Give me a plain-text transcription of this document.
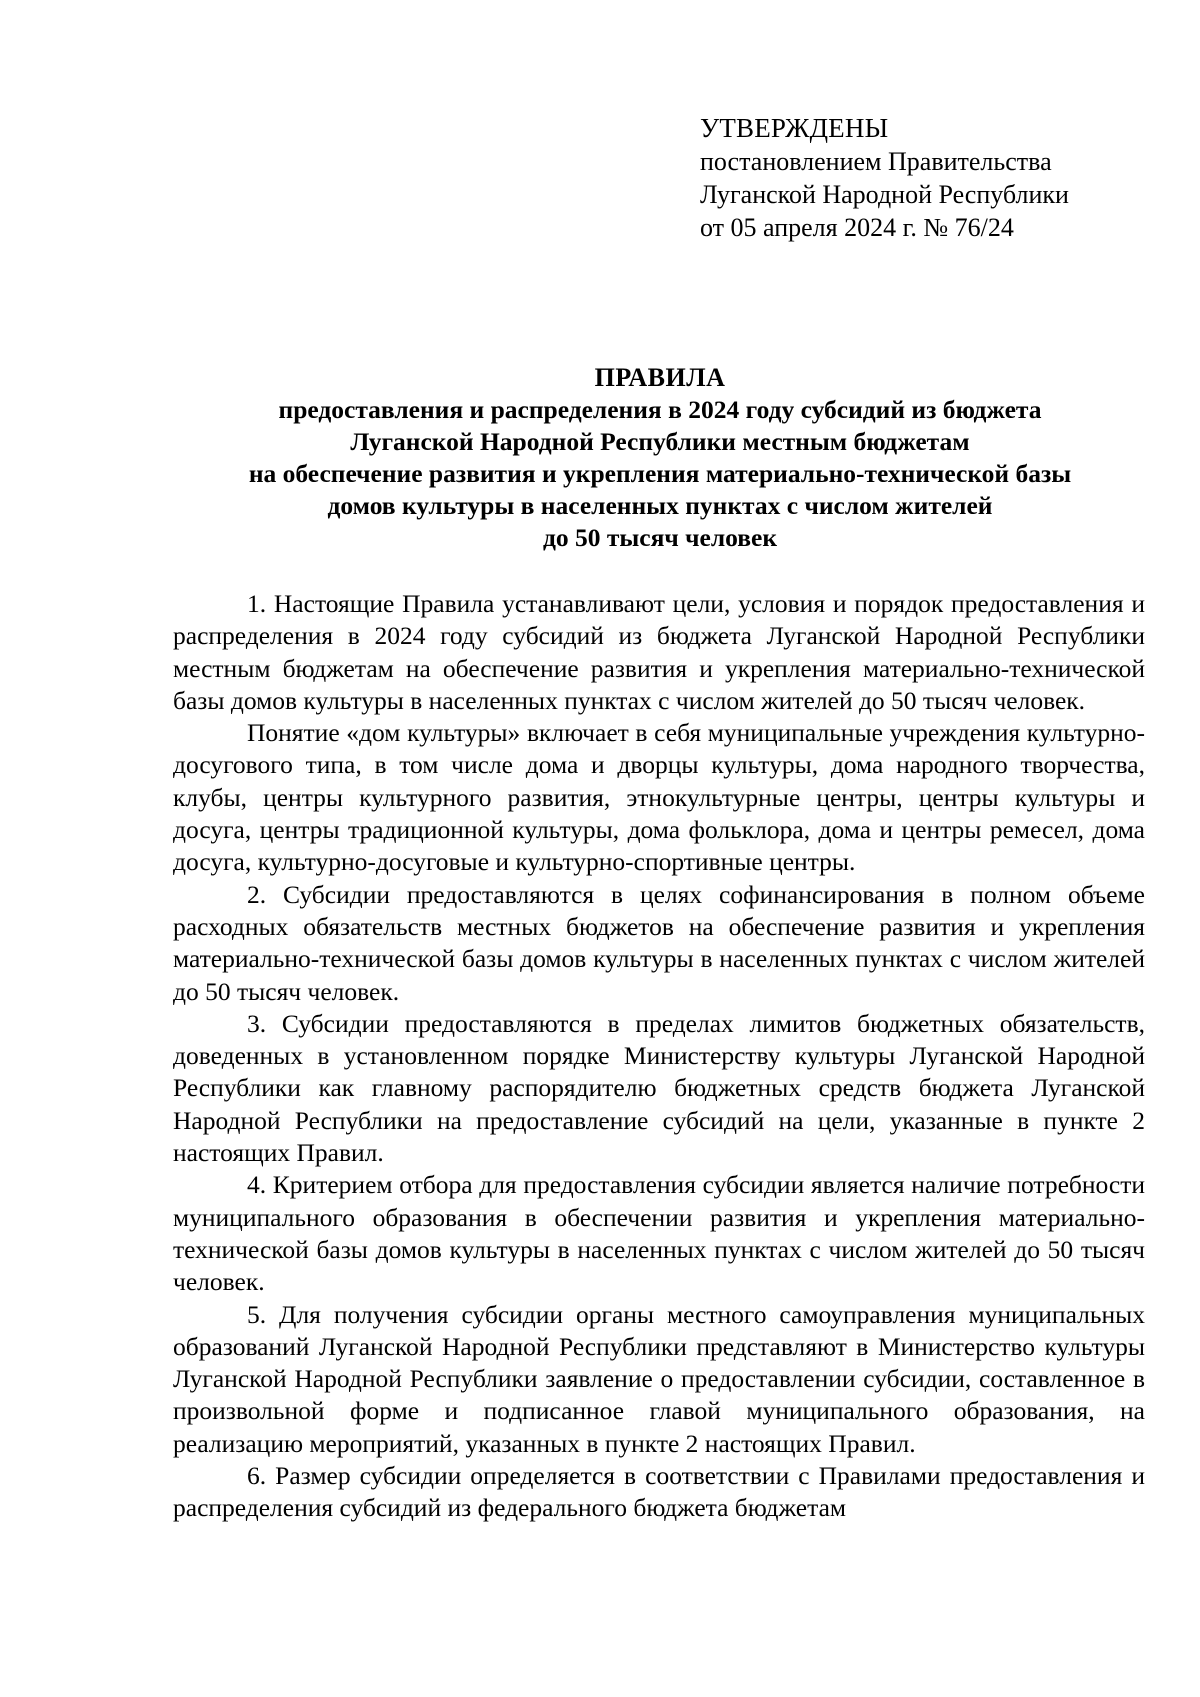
УТВЕРЖДЕНЫ
постановлением Правительства
Луганской Народной Республики
от 05 апреля 2024 г. № 76/24
ПРАВИЛА
предоставления и распределения в 2024 году субсидий из бюджета
Луганской Народной Республики местным бюджетам
на обеспечение развития и укрепления материально-технической базы
домов культуры в населенных пунктах с числом жителей
до 50 тысяч человек

1. Настоящие Правила устанавливают цели, условия и порядок предоставления и распределения в 2024 году субсидий из бюджета Луганской Народной Республики местным бюджетам на обеспечение развития и укрепления материально-технической базы домов культуры в населенных пунктах с числом жителей до 50 тысяч человек.

Понятие «дом культуры» включает в себя муниципальные учреждения культурно-досугового типа, в том числе дома и дворцы культуры, дома народного творчества, клубы, центры культурного развития, этнокультурные центры, центры культуры и досуга, центры традиционной культуры, дома фольклора, дома и центры ремесел, дома досуга, культурно-досуговые и культурно-спортивные центры.

2. Субсидии предоставляются в целях софинансирования в полном объеме расходных обязательств местных бюджетов на обеспечение развития и укрепления материально-технической базы домов культуры в населенных пунктах с числом жителей до 50 тысяч человек.

3. Субсидии предоставляются в пределах лимитов бюджетных обязательств, доведенных в установленном порядке Министерству культуры Луганской Народной Республики как главному распорядителю бюджетных средств бюджета Луганской Народной Республики на предоставление субсидий на цели, указанные в пункте 2 настоящих Правил.

4. Критерием отбора для предоставления субсидии является наличие потребности муниципального образования в обеспечении развития и укрепления материально-технической базы домов культуры в населенных пунктах с числом жителей до 50 тысяч человек.

5. Для получения субсидии органы местного самоуправления муниципальных образований Луганской Народной Республики представляют в Министерство культуры Луганской Народной Республики заявление о предоставлении субсидии, составленное в произвольной форме и подписанное главой муниципального образования, на реализацию мероприятий, указанных в пункте 2 настоящих Правил.

6. Размер субсидии определяется в соответствии с Правилами предоставления и распределения субсидий из федерального бюджета бюджетам
